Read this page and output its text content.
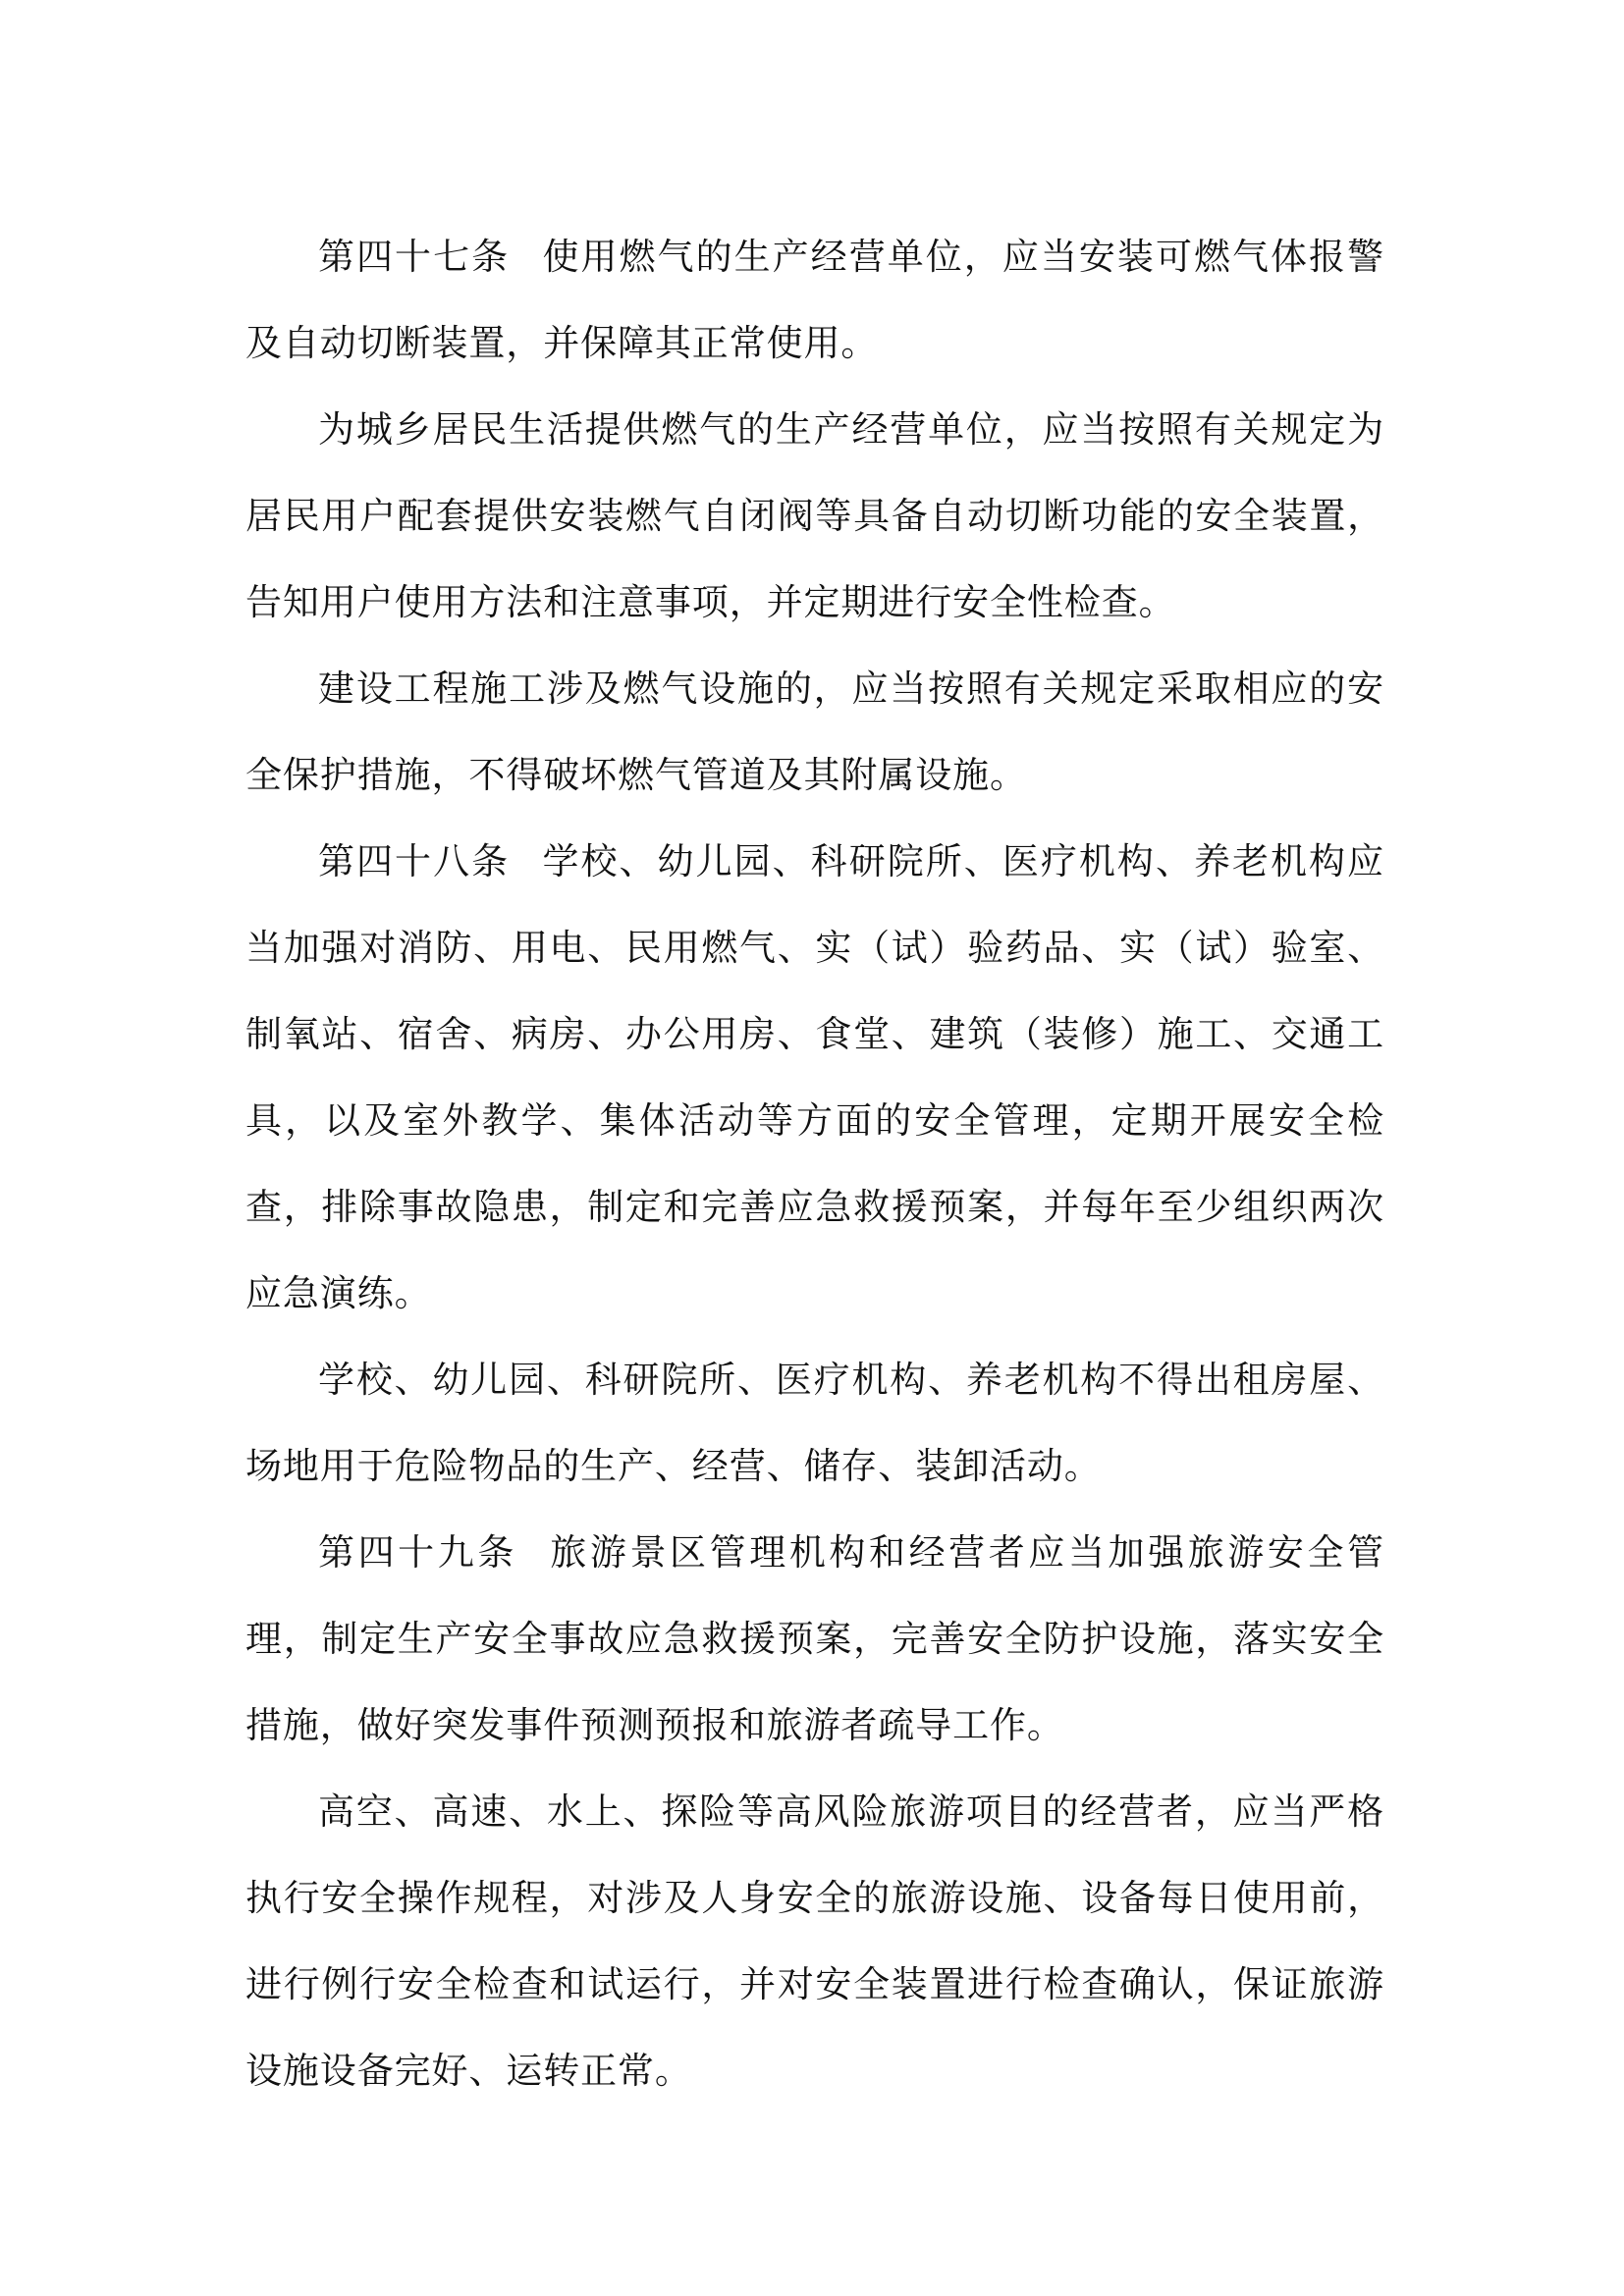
第四十七条 使用燃气的生产经营单位，应当安装可燃气体报警及自动切断装置，并保障其正常使用。

为城乡居民生活提供燃气的生产经营单位，应当按照有关规定为居民用户配套提供安装燃气自闭阀等具备自动切断功能的安全装置，告知用户使用方法和注意事项，并定期进行安全性检查。

建设工程施工涉及燃气设施的，应当按照有关规定采取相应的安全保护措施，不得破坏燃气管道及其附属设施。

第四十八条 学校、幼儿园、科研院所、医疗机构、养老机构应当加强对消防、用电、民用燃气、实（试）验药品、实（试）验室、制氧站、宿舍、病房、办公用房、食堂、建筑（装修）施工、交通工具，以及室外教学、集体活动等方面的安全管理，定期开展安全检查，排除事故隐患，制定和完善应急救援预案，并每年至少组织两次应急演练。

学校、幼儿园、科研院所、医疗机构、养老机构不得出租房屋、场地用于危险物品的生产、经营、储存、装卸活动。

第四十九条 旅游景区管理机构和经营者应当加强旅游安全管理，制定生产安全事故应急救援预案，完善安全防护设施，落实安全措施，做好突发事件预测预报和旅游者疏导工作。

高空、高速、水上、探险等高风险旅游项目的经营者，应当严格执行安全操作规程，对涉及人身安全的旅游设施、设备每日使用前，进行例行安全检查和试运行，并对安全装置进行检查确认，保证旅游设施设备完好、运转正常。
